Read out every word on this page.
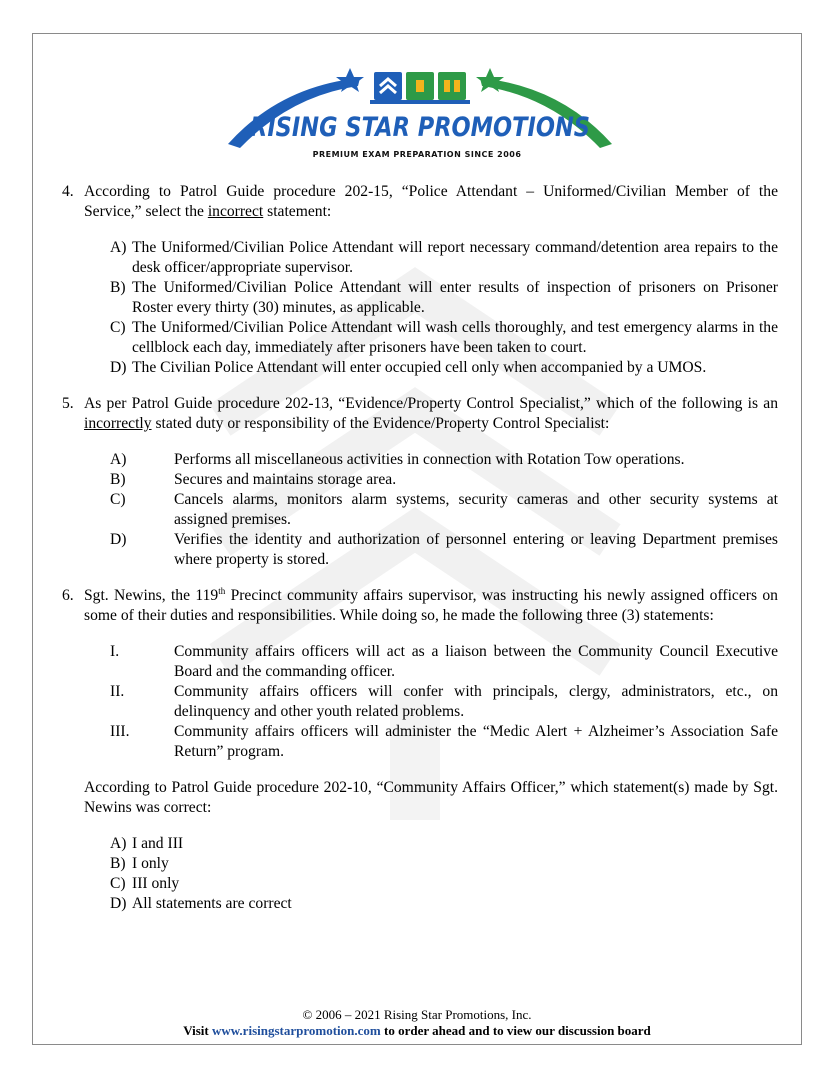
RISING STAR PROMOTIONS
PREMIUM EXAM PREPARATION SINCE 2006
4. According to Patrol Guide procedure 202-15, “Police Attendant – Uniformed/Civilian Member of the Service,” select the incorrect statement:
A) The Uniformed/Civilian Police Attendant will report necessary command/detention area repairs to the desk officer/appropriate supervisor.
B) The Uniformed/Civilian Police Attendant will enter results of inspection of prisoners on Prisoner Roster every thirty (30) minutes, as applicable.
C) The Uniformed/Civilian Police Attendant will wash cells thoroughly, and test emergency alarms in the cellblock each day, immediately after prisoners have been taken to court.
D) The Civilian Police Attendant will enter occupied cell only when accompanied by a UMOS.
5. As per Patrol Guide procedure 202-13, “Evidence/Property Control Specialist,” which of the following is an incorrectly stated duty or responsibility of the Evidence/Property Control Specialist:
A)	Performs all miscellaneous activities in connection with Rotation Tow operations.
B)	Secures and maintains storage area.
C)	Cancels alarms, monitors alarm systems, security cameras and other security systems at assigned premises.
D)	Verifies the identity and authorization of personnel entering or leaving Department premises where property is stored.
6. Sgt. Newins, the 119th Precinct community affairs supervisor, was instructing his newly assigned officers on some of their duties and responsibilities. While doing so, he made the following three (3) statements:
I.	Community affairs officers will act as a liaison between the Community Council Executive Board and the commanding officer.
II.	Community affairs officers will confer with principals, clergy, administrators, etc., on delinquency and other youth related problems.
III.	Community affairs officers will administer the “Medic Alert + Alzheimer’s Association Safe Return” program.
According to Patrol Guide procedure 202-10, “Community Affairs Officer,” which statement(s) made by Sgt. Newins was correct:
A) I and III
B) I only
C) III only
D) All statements are correct
© 2006 – 2021 Rising Star Promotions, Inc.
Visit www.risingstarpromotion.com to order ahead and to view our discussion board
